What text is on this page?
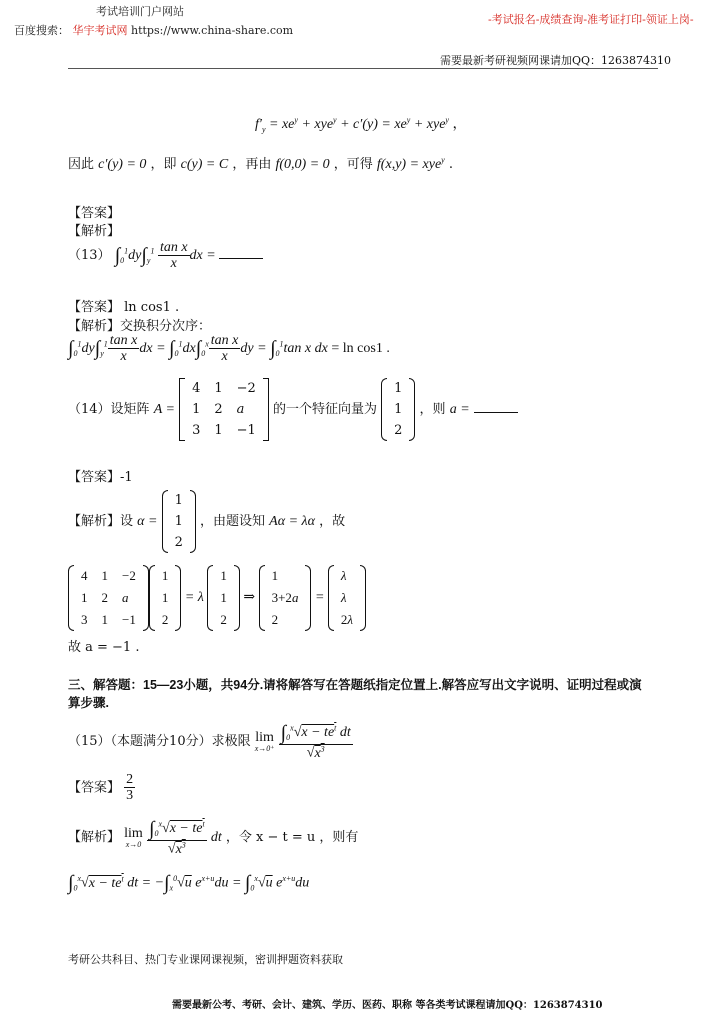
考试培训门户网站
百度搜索： 华宇考试网 https://www.china-share.com
-考试报名-成绩查询-准考证打印-领证上岗-
需要最新考研视频网课请加QQ：1263874310
$f'_y = xe^y + xye^y + c'(y) = xe^y + xye^y$ ，
因此 c′(y) = 0 ，即 c(y) = C ，再由 f(0,0) = 0 ，可得 f(x,y) = xye$^y$ .
【答案】
【解析】
（13） $\int_0^1dy\int_y^1 \frac{\text{tan x}}{x}$ dx =
【答案】 ln cos1 .
【解析】交换积分次序：
$\int_0^1dy\int_y^1 \frac{\text{tan x}}{x}$ dx = $\int_0^1dx\int_0^x \frac{\text{tan x}}{x}$ dy = $\int_0^1\tan$ x dx = ln cos1 .
（14）设矩阵 A =
4	1	−2
1	2	a
3	1	−1
的一个特征向量为
1
1
2
，则 a =
【答案】-1
【解析】设 α =
1
1
2
，由题设知 Aα = λα ，故
4	1	−2
1	2	a
3	1	−1
1
1
2
= λ
1
1
2
⇒
1
3+2a
2
=
λ
λ
2λ
故 a = −1 .
三、解答题：15—23小题，共94分.请将解答写在答题纸指定位置上.解答应写出文字说明、证明过程或演算步骤.
（15）（本题满分10分）求极限 lim
x→0⁺
$\frac{\int_0^x√x - te^t dt}{√x^3}$
【答案】 $\frac{2}{3}$
【解析】 lim
x→0
$\frac{\int_0^x√x - te^t}{√x^3}$ dt ，令 x − t = u ，则有
$\int_0^x√x - te^t$ dt = $-\int_x^0√u$ $e^{x+u}du = \int_0^x√u$ $e^{x+u}du$
考研公共科目、热门专业课网课视频，密训押题资料获取
需要最新公考、考研、会计、建筑、学历、医药、职称 等各类考试课程请加QQ：1263874310
